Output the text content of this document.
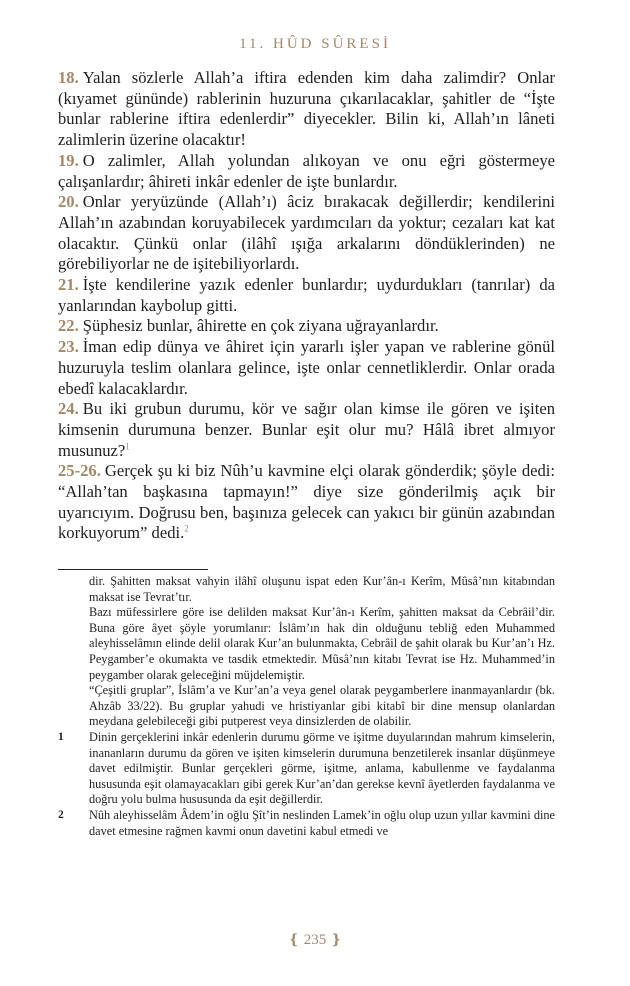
11. HÛD SÛRESİ

18. Yalan sözlerle Allah’a iftira edenden kim daha zalimdir? Onlar (kıyamet gününde) rablerinin huzuruna çıkarılacaklar, şahitler de “İşte bunlar rablerine iftira edenlerdir” diyecekler. Bilin ki, Allah’ın lâneti zalimlerin üzerine olacaktır!

19. O zalimler, Allah yolundan alıkoyan ve onu eğri göstermeye çalışanlardır; âhireti inkâr edenler de işte bunlardır.

20. Onlar yeryüzünde (Allah’ı) âciz bırakacak değillerdir; kendilerini Allah’ın azabından koruyabilecek yardımcıları da yoktur; cezaları kat kat olacaktır. Çünkü onlar (ilâhî ışığa arkalarını döndüklerinden) ne görebiliyorlar ne de işitebiliyorlardı.

21. İşte kendilerine yazık edenler bunlardır; uydurdukları (tanrılar) da yanlarından kaybolup gitti.

22. Şüphesiz bunlar, âhirette en çok ziyana uğrayanlardır.

23. İman edip dünya ve âhiret için yararlı işler yapan ve rablerine gönül huzuruyla teslim olanlara gelince, işte onlar cennetliklerdir. Onlar orada ebedî kalacaklardır.

24. Bu iki grubun durumu, kör ve sağır olan kimse ile gören ve işiten kimsenin durumuna benzer. Bunlar eşit olur mu? Hâlâ ibret almıyor musunuz?$^1$

25-26. Gerçek şu ki biz Nûh’u kavmine elçi olarak gönderdik; şöyle dedi: “Allah’tan başkasına tapmayın!” diye size gönderilmiş açık bir uyarıcıyım. Doğrusu ben, başınıza gelecek can yakıcı bir günün azabından korkuyorum” dedi.$^2$

dir. Şahitten maksat vahyin ilâhî oluşunu ispat eden Kur’ân-ı Kerîm, Mûsâ’nın kitabından maksat ise Tevrat’tır.

Bazı müfessirlere göre ise delilden maksat Kur’ân-ı Kerîm, şahitten maksat da Cebrâil’dir. Buna göre âyet şöyle yorumlanır: İslâm’ın hak din olduğunu tebliğ eden Muhammed aleyhisselâmın elinde delil olarak Kur’an bulunmakta, Cebrâil de şahit olarak bu Kur’an’ı Hz. Peygamber’e okumakta ve tasdik etmektedir. Mûsâ’nın kitabı Tevrat ise Hz. Muhammed’in peygamber olarak geleceğini müjdelemiştir.

“Çeşitli gruplar”, İslâm’a ve Kur’an’a veya genel olarak peygamberlere inanmayanlardır (bk. Ahzâb 33/22). Bu gruplar yahudi ve hristiyanlar gibi kitabî bir dine mensup olanlardan meydana gelebileceği gibi putperest veya dinsizlerden de olabilir.

1	Dinin gerçeklerini inkâr edenlerin durumu görme ve işitme duyularından mahrum kimselerin, inananların durumu da gören ve işiten kimselerin durumuna benzetilerek insanlar düşünmeye davet edilmiştir. Bunlar gerçekleri görme, işitme, anlama, kabullenme ve faydalanma hususunda eşit olamayacakları gibi gerek Kur’an’dan gerekse kevnî âyetlerden faydalanma ve doğru yolu bulma hususunda da eşit değillerdir.
2	Nûh aleyhisselâm Âdem’in oğlu Şît’in neslinden Lamek’in oğlu olup uzun yıllar kavmini dine davet etmesine rağmen kavmi onun davetini kabul etmedi ve
❴ 235 ❵
